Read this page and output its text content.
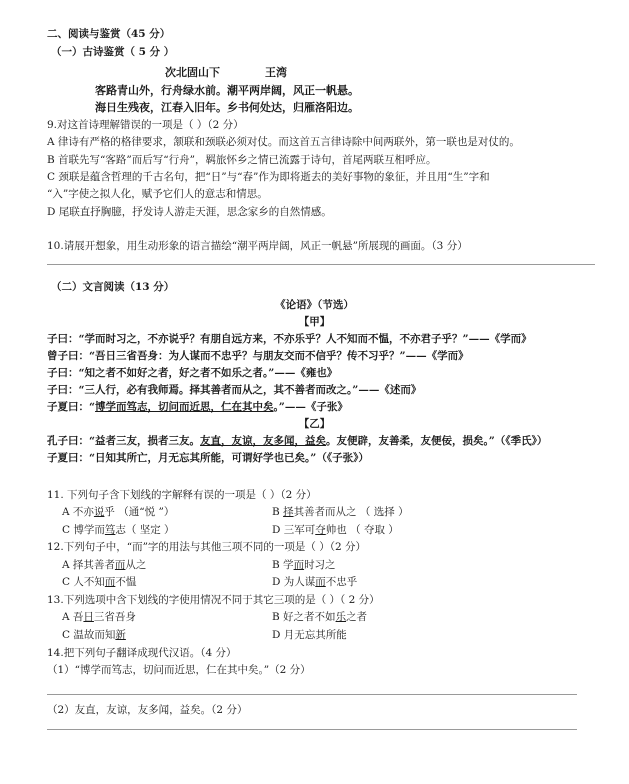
二、阅读与鉴赏（45 分）
（一）古诗鉴赏（ 5 分 ）
次北固山下	王湾
客路青山外，行舟绿水前。潮平两岸阔，风正一帆悬。
海日生残夜，江春入旧年。乡书何处达，归雁洛阳边。
9.对这首诗理解错误的一项是（ ）（2 分）
A 律诗有严格的格律要求，颔联和颈联必须对仗。而这首五言律诗除中间两联外，第一联也是对仗的。
B 首联先写“客路”而后写“行舟”，羁旅怀乡之情已流露于诗句，首尾两联互相呼应。
C 颈联是蕴含哲理的千古名句，把“日”与“春”作为即将逝去的美好事物的象征，并且用“生”字和
“入”字使之拟人化，赋予它们人的意志和情思。
D 尾联直抒胸臆，抒发诗人游走天涯，思念家乡的自然情感。
10.请展开想象，用生动形象的语言描绘“潮平两岸阔，风正一帆悬”所展现的画面。（3 分）
（二）文言阅读（13 分）
《论语》（节选）
【甲】
子曰：“学而时习之，不亦说乎？有朋自远方来，不亦乐乎？人不知而不愠，不亦君子乎？”——《学而》
曾子曰：“吾日三省吾身：为人谋而不忠乎？与朋友交而不信乎？传不习乎？”——《学而》
子曰：“知之者不如好之者，好之者不如乐之者。”——《雍也》
子曰：“三人行，必有我师焉。择其善者而从之，其不善者而改之。”——《述而》
子夏曰：“博学而笃志，切问而近思，仁在其中矣。”——《子张》
【乙】
孔子曰：“益者三友，损者三友。友直，友谅，友多闻，益矣。友便辟，友善柔，友便佞，损矣。”（《季氏》）
子夏曰：“日知其所亡，月无忘其所能，可谓好学也已矣。”（《子张》）
11. 下列句子含下划线的字解释有误的一项是（ ）（2 分）
A 不亦说乎 （通“悦 ”）	B 择其善者而从之 （ 选择 ）
C 博学而笃志（ 坚定 ）	D 三军可夺帅也 （ 夺取 ）
12.下列句子中，“而”字的用法与其他三项不同的一项是（ ）（2 分）
A 择其善者而从之	B 学而时习之
C 人不知而不愠	D 为人谋而不忠乎
13.下列选项中含下划线的字使用情况不同于其它三项的是（ ）（ 2 分）
A 吾日三省吾身	B 好之者不如乐之者
C 温故而知新	D 月无忘其所能
14.把下列句子翻译成现代汉语。（4 分）
（1）“博学而笃志，切问而近思，仁在其中矣。”（2 分）
（2）友直，友谅，友多闻，益矣。（2 分）
